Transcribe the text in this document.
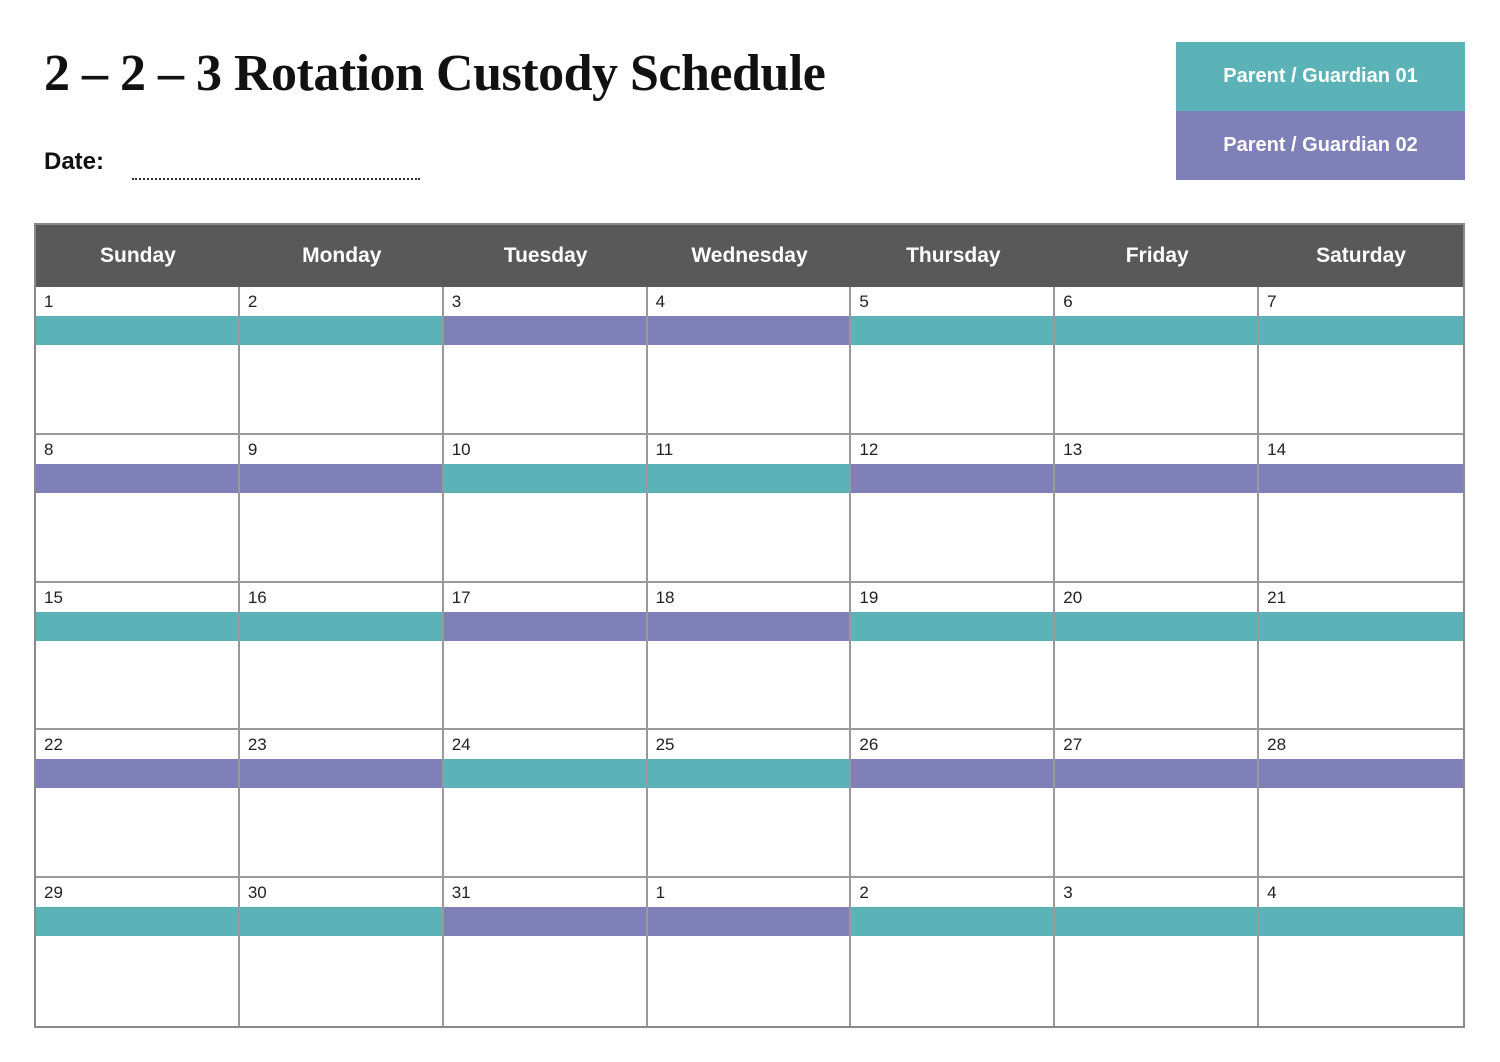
2 – 2 – 3 Rotation Custody Schedule
Date:
Parent / Guardian 01
Parent / Guardian 02
Sunday	Monday	Tuesday	Wednesday	Thursday	Friday	Saturday
1	2	3	4	5	6	7
8	9	10	11	12	13	14
15	16	17	18	19	20	21
22	23	24	25	26	27	28
29	30	31	1	2	3	4
